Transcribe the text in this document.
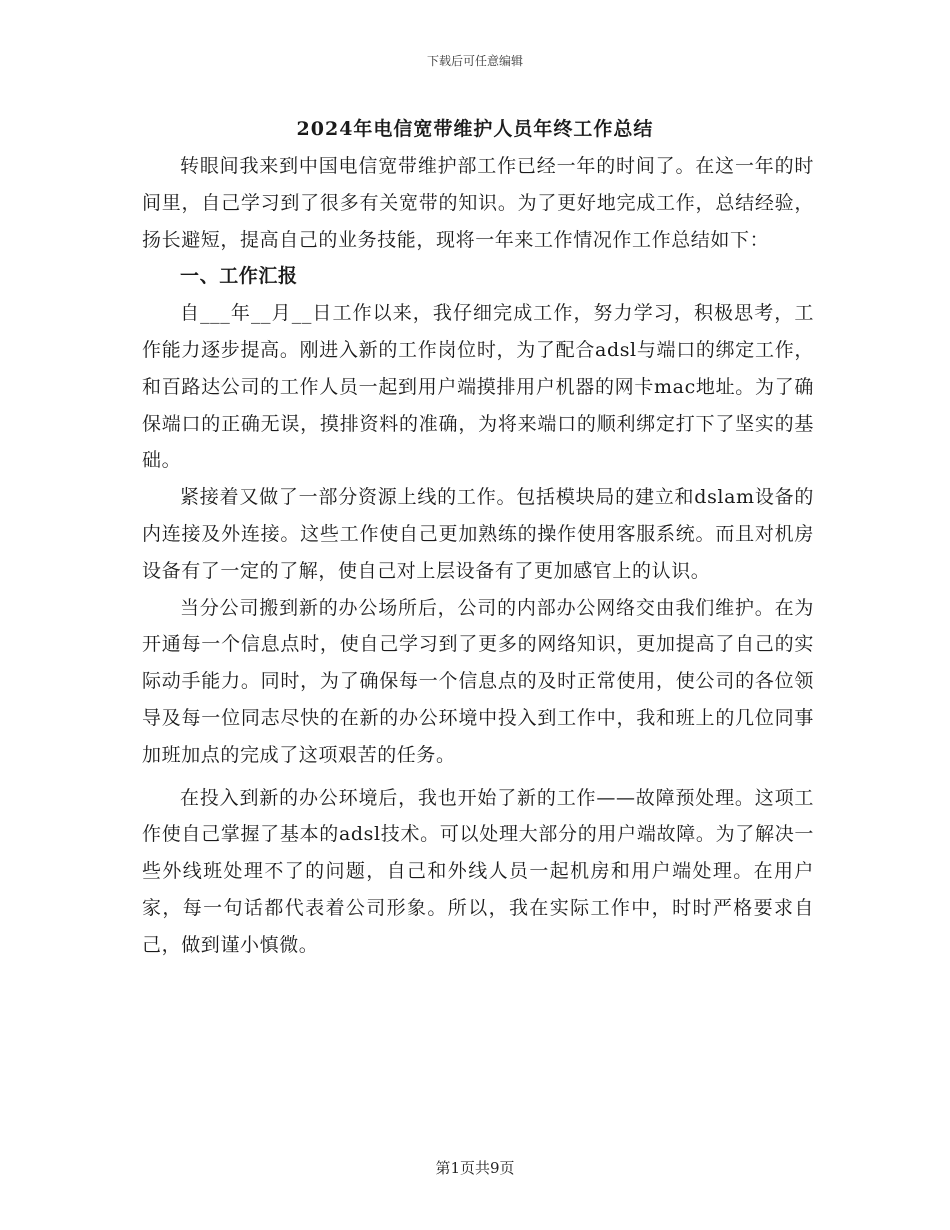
下载后可任意编辑
2024年电信宽带维护人员年终工作总结

转眼间我来到中国电信宽带维护部工作已经一年的时间了。在这一年的时间里，自己学习到了很多有关宽带的知识。为了更好地完成工作，总结经验，扬长避短，提高自己的业务技能，现将一年来工作情况作工作总结如下：

一、工作汇报

自___年__月__日工作以来，我仔细完成工作，努力学习，积极思考，工作能力逐步提高。刚进入新的工作岗位时，为了配合adsl与端口的绑定工作，和百路达公司的工作人员一起到用户端摸排用户机器的网卡mac地址。为了确保端口的正确无误，摸排资料的准确，为将来端口的顺利绑定打下了坚实的基础。

紧接着又做了一部分资源上线的工作。包括模块局的建立和dslam设备的内连接及外连接。这些工作使自己更加熟练的操作使用客服系统。而且对机房设备有了一定的了解，使自己对上层设备有了更加感官上的认识。

当分公司搬到新的办公场所后，公司的内部办公网络交由我们维护。在为开通每一个信息点时，使自己学习到了更多的网络知识，更加提高了自己的实际动手能力。同时，为了确保每一个信息点的及时正常使用，使公司的各位领导及每一位同志尽快的在新的办公环境中投入到工作中，我和班上的几位同事加班加点的完成了这项艰苦的任务。

在投入到新的办公环境后，我也开始了新的工作——故障预处理。这项工作使自己掌握了基本的adsl技术。可以处理大部分的用户端故障。为了解决一些外线班处理不了的问题，自己和外线人员一起机房和用户端处理。在用户家，每一句话都代表着公司形象。所以，我在实际工作中，时时严格要求自己，做到谨小慎微。

第1页共9页
